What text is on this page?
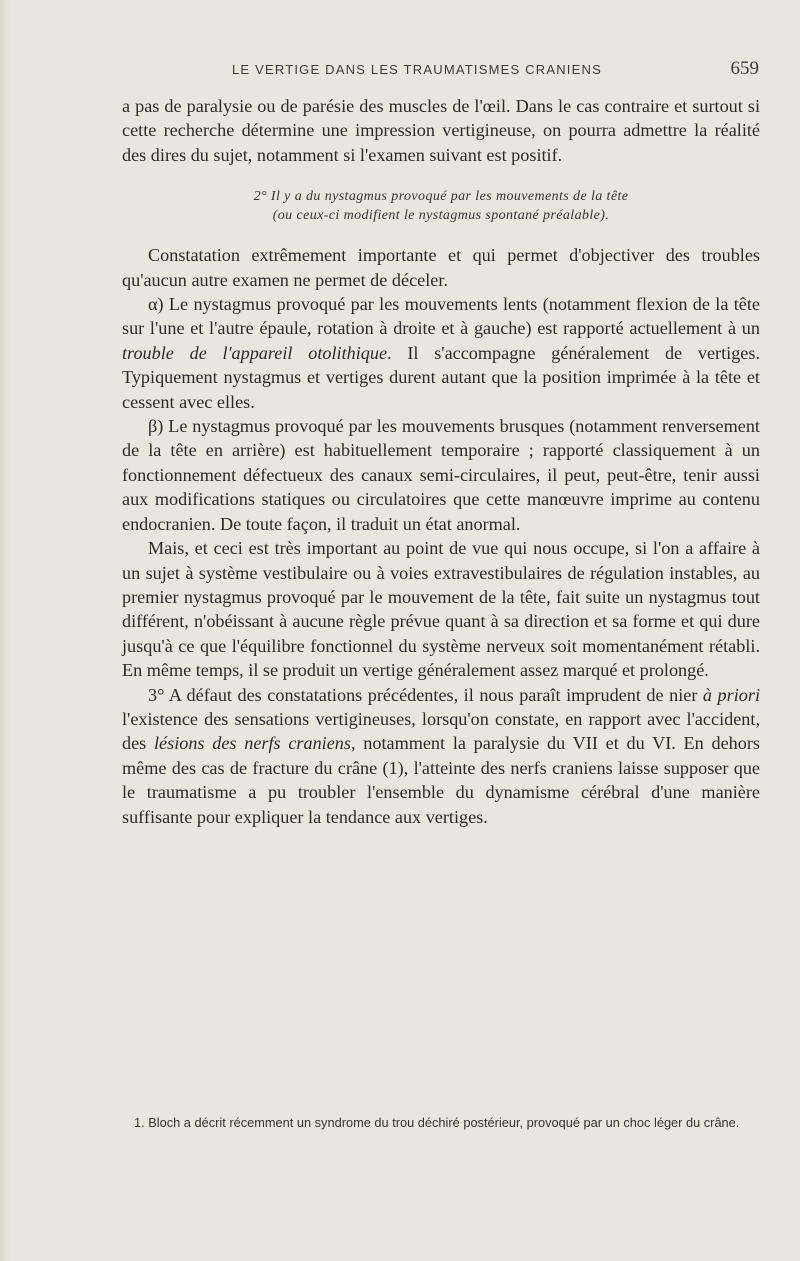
LE VERTIGE DANS LES TRAUMATISMES CRANIENS	659

a pas de paralysie ou de parésie des muscles de l'œil. Dans le cas contraire et surtout si cette recherche détermine une impression vertigineuse, on pourra admettre la réalité des dires du sujet, notamment si l'examen suivant est positif.

2° Il y a du nystagmus provoqué par les mouvements de la tête
(ou ceux-ci modifient le nystagmus spontané préalable).

Constatation extrêmement importante et qui permet d'objectiver des troubles qu'aucun autre examen ne permet de déceler.

α) Le nystagmus provoqué par les mouvements lents (notamment flexion de la tête sur l'une et l'autre épaule, rotation à droite et à gauche) est rapporté actuellement à un trouble de l'appareil otolithique. Il s'accompagne généralement de vertiges. Typiquement nystagmus et vertiges durent autant que la position imprimée à la tête et cessent avec elles.

β) Le nystagmus provoqué par les mouvements brusques (notamment renversement de la tête en arrière) est habituellement temporaire ; rapporté classiquement à un fonctionnement défectueux des canaux semi-circulaires, il peut, peut-être, tenir aussi aux modifications statiques ou circulatoires que cette manœuvre imprime au contenu endocranien. De toute façon, il traduit un état anormal.

Mais, et ceci est très important au point de vue qui nous occupe, si l'on a affaire à un sujet à système vestibulaire ou à voies extravestibulaires de régulation instables, au premier nystagmus provoqué par le mouvement de la tête, fait suite un nystagmus tout différent, n'obéissant à aucune règle prévue quant à sa direction et sa forme et qui dure jusqu'à ce que l'équilibre fonctionnel du système nerveux soit momentanément rétabli. En même temps, il se produit un vertige généralement assez marqué et prolongé.

3° A défaut des constatations précédentes, il nous paraît imprudent de nier à priori l'existence des sensations vertigineuses, lorsqu'on constate, en rapport avec l'accident, des lésions des nerfs craniens, notamment la paralysie du VII et du VI. En dehors même des cas de fracture du crâne (1), l'atteinte des nerfs craniens laisse supposer que le traumatisme a pu troubler l'ensemble du dynamisme cérébral d'une manière suffisante pour expliquer la tendance aux vertiges.

1. Bloch a décrit récemment un syndrome du trou déchiré postérieur, provoqué par un choc léger du crâne.
